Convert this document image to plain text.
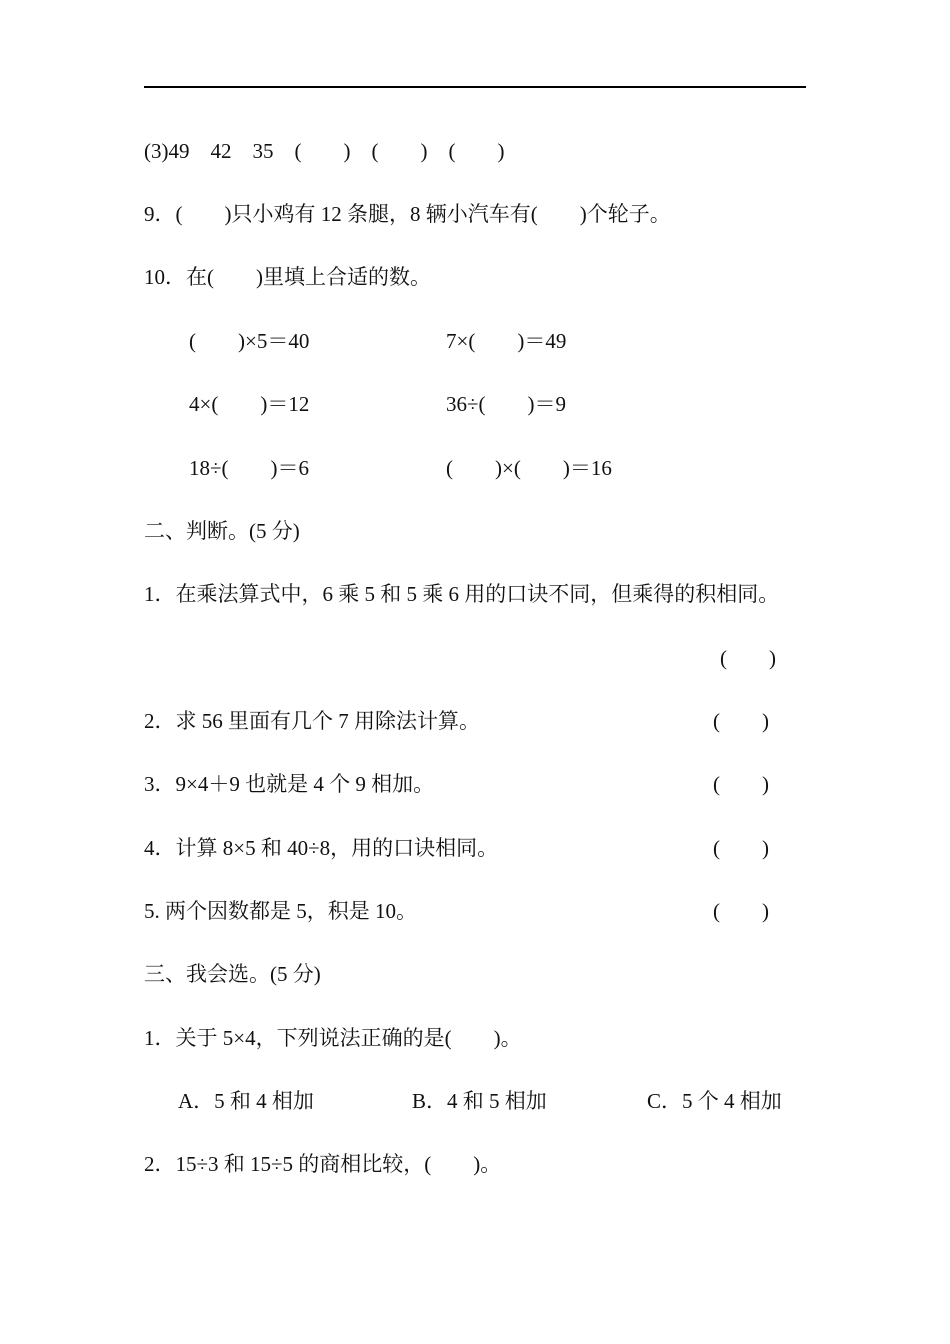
(3)49　42　35　(　　)　(　　)　(　　)
9．(　　)只小鸡有 12 条腿，8 辆小汽车有(　　)个轮子。
10．在(　　)里填上合适的数。
(　　)×5＝40	7×(　　)＝49
4×(　　)＝12	36÷(　　)＝9
18÷(　　)＝6	(　　)×(　　)＝16
二、判断。(5 分)
1．在乘法算式中，6 乘 5 和 5 乘 6 用的口诀不同，但乘得的积相同。
(　　)
2．求 56 里面有几个 7 用除法计算。	(　　)
3．9×4＋9 也就是 4 个 9 相加。	(　　)
4．计算 8×5 和 40÷8，用的口诀相同。	(　　)
5. 两个因数都是 5，积是 10。	(　　)
三、我会选。(5 分)
1．关于 5×4，下列说法正确的是(　　)。
A．5 和 4 相加	B．4 和 5 相加	C．5 个 4 相加
2．15÷3 和 15÷5 的商相比较，(　　)。
